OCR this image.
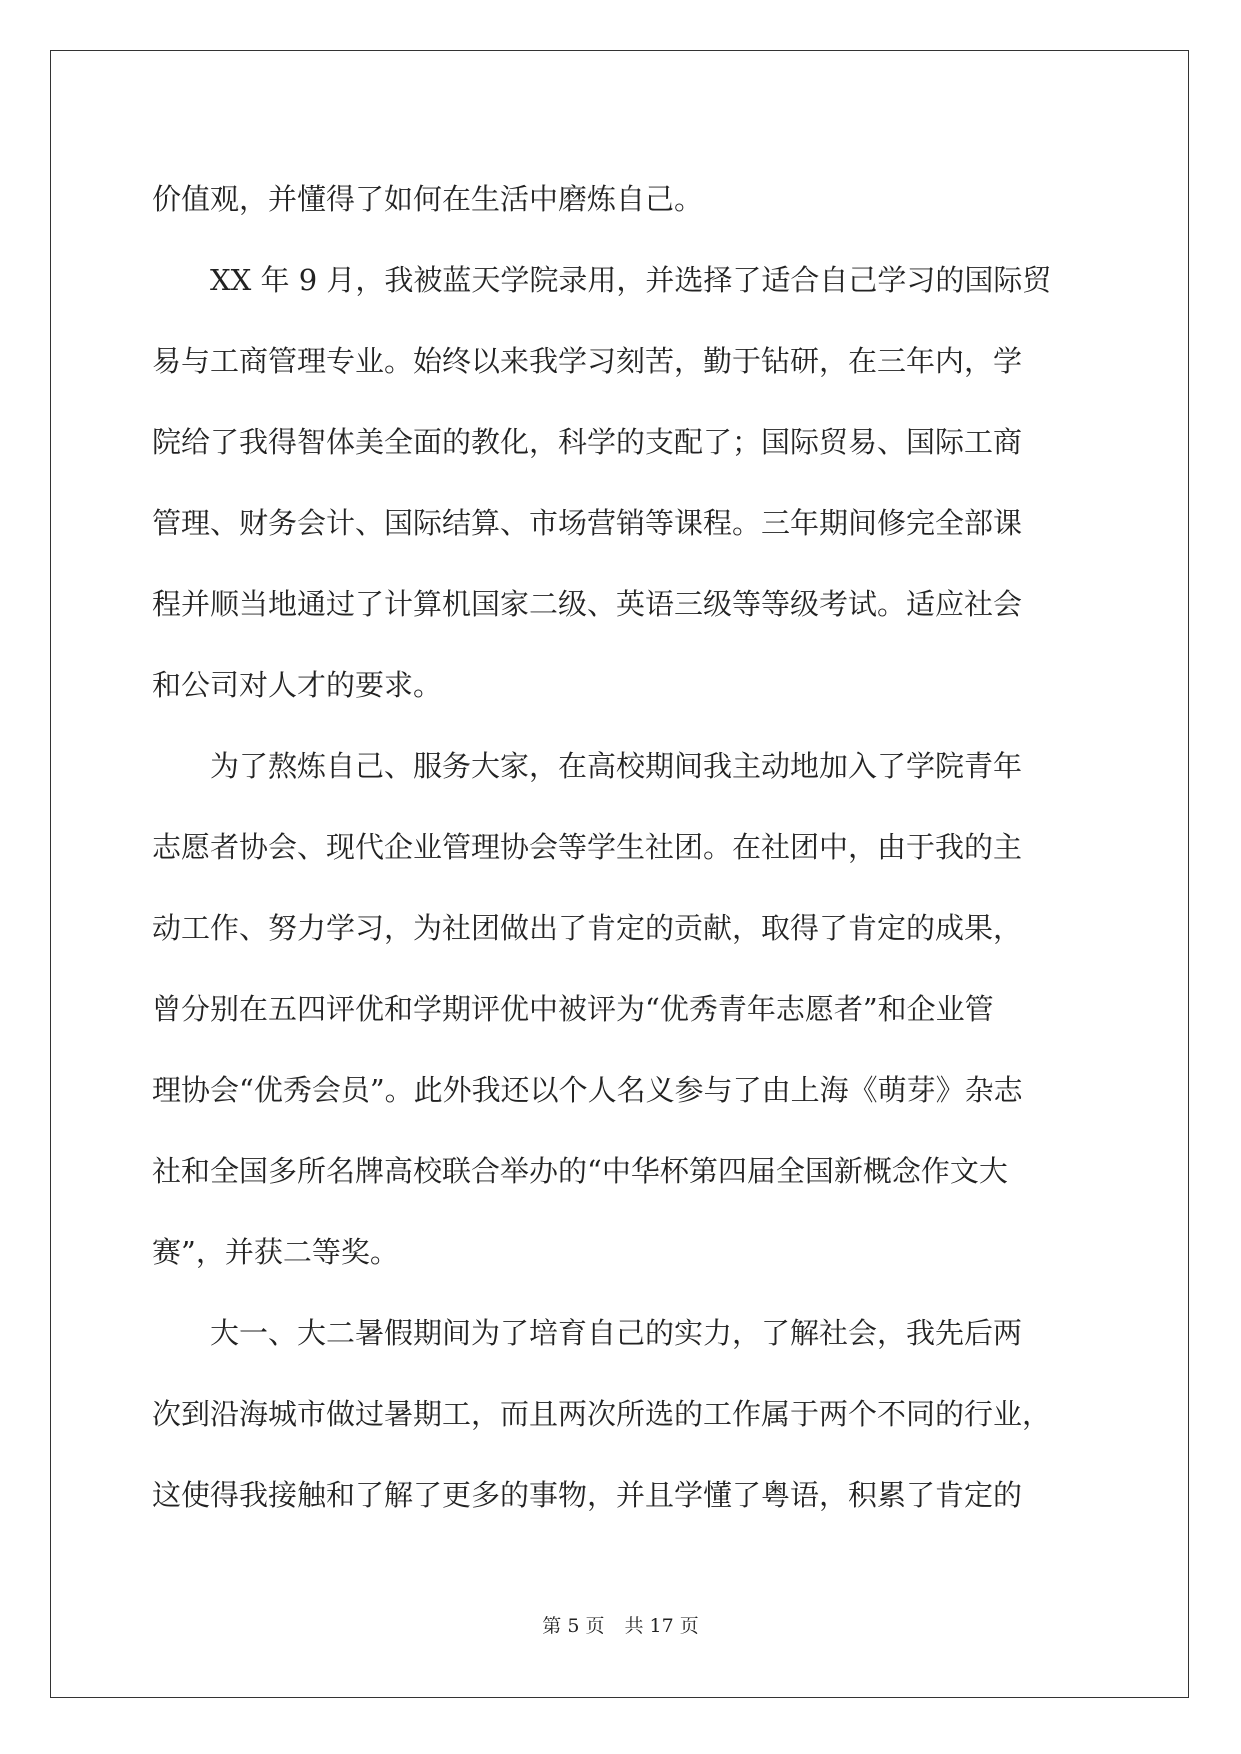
价值观，并懂得了如何在生活中磨炼自己。
XX 年 9 月，我被蓝天学院录用，并选择了适合自己学习的国际贸
易与工商管理专业。始终以来我学习刻苦，勤于钻研，在三年内，学
院给了我得智体美全面的教化，科学的支配了；国际贸易、国际工商
管理、财务会计、国际结算、市场营销等课程。三年期间修完全部课
程并顺当地通过了计算机国家二级、英语三级等等级考试。适应社会
和公司对人才的要求。
为了熬炼自己、服务大家，在高校期间我主动地加入了学院青年
志愿者协会、现代企业管理协会等学生社团。在社团中，由于我的主
动工作、努力学习，为社团做出了肯定的贡献，取得了肯定的成果，
曾分别在五四评优和学期评优中被评为“优秀青年志愿者”和企业管
理协会“优秀会员”。此外我还以个人名义参与了由上海《萌芽》杂志
社和全国多所名牌高校联合举办的“中华杯第四届全国新概念作文大
赛”，并获二等奖。
大一、大二暑假期间为了培育自己的实力，了解社会，我先后两
次到沿海城市做过暑期工，而且两次所选的工作属于两个不同的行业，
这使得我接触和了解了更多的事物，并且学懂了粤语，积累了肯定的
第 5 页 共 17 页
